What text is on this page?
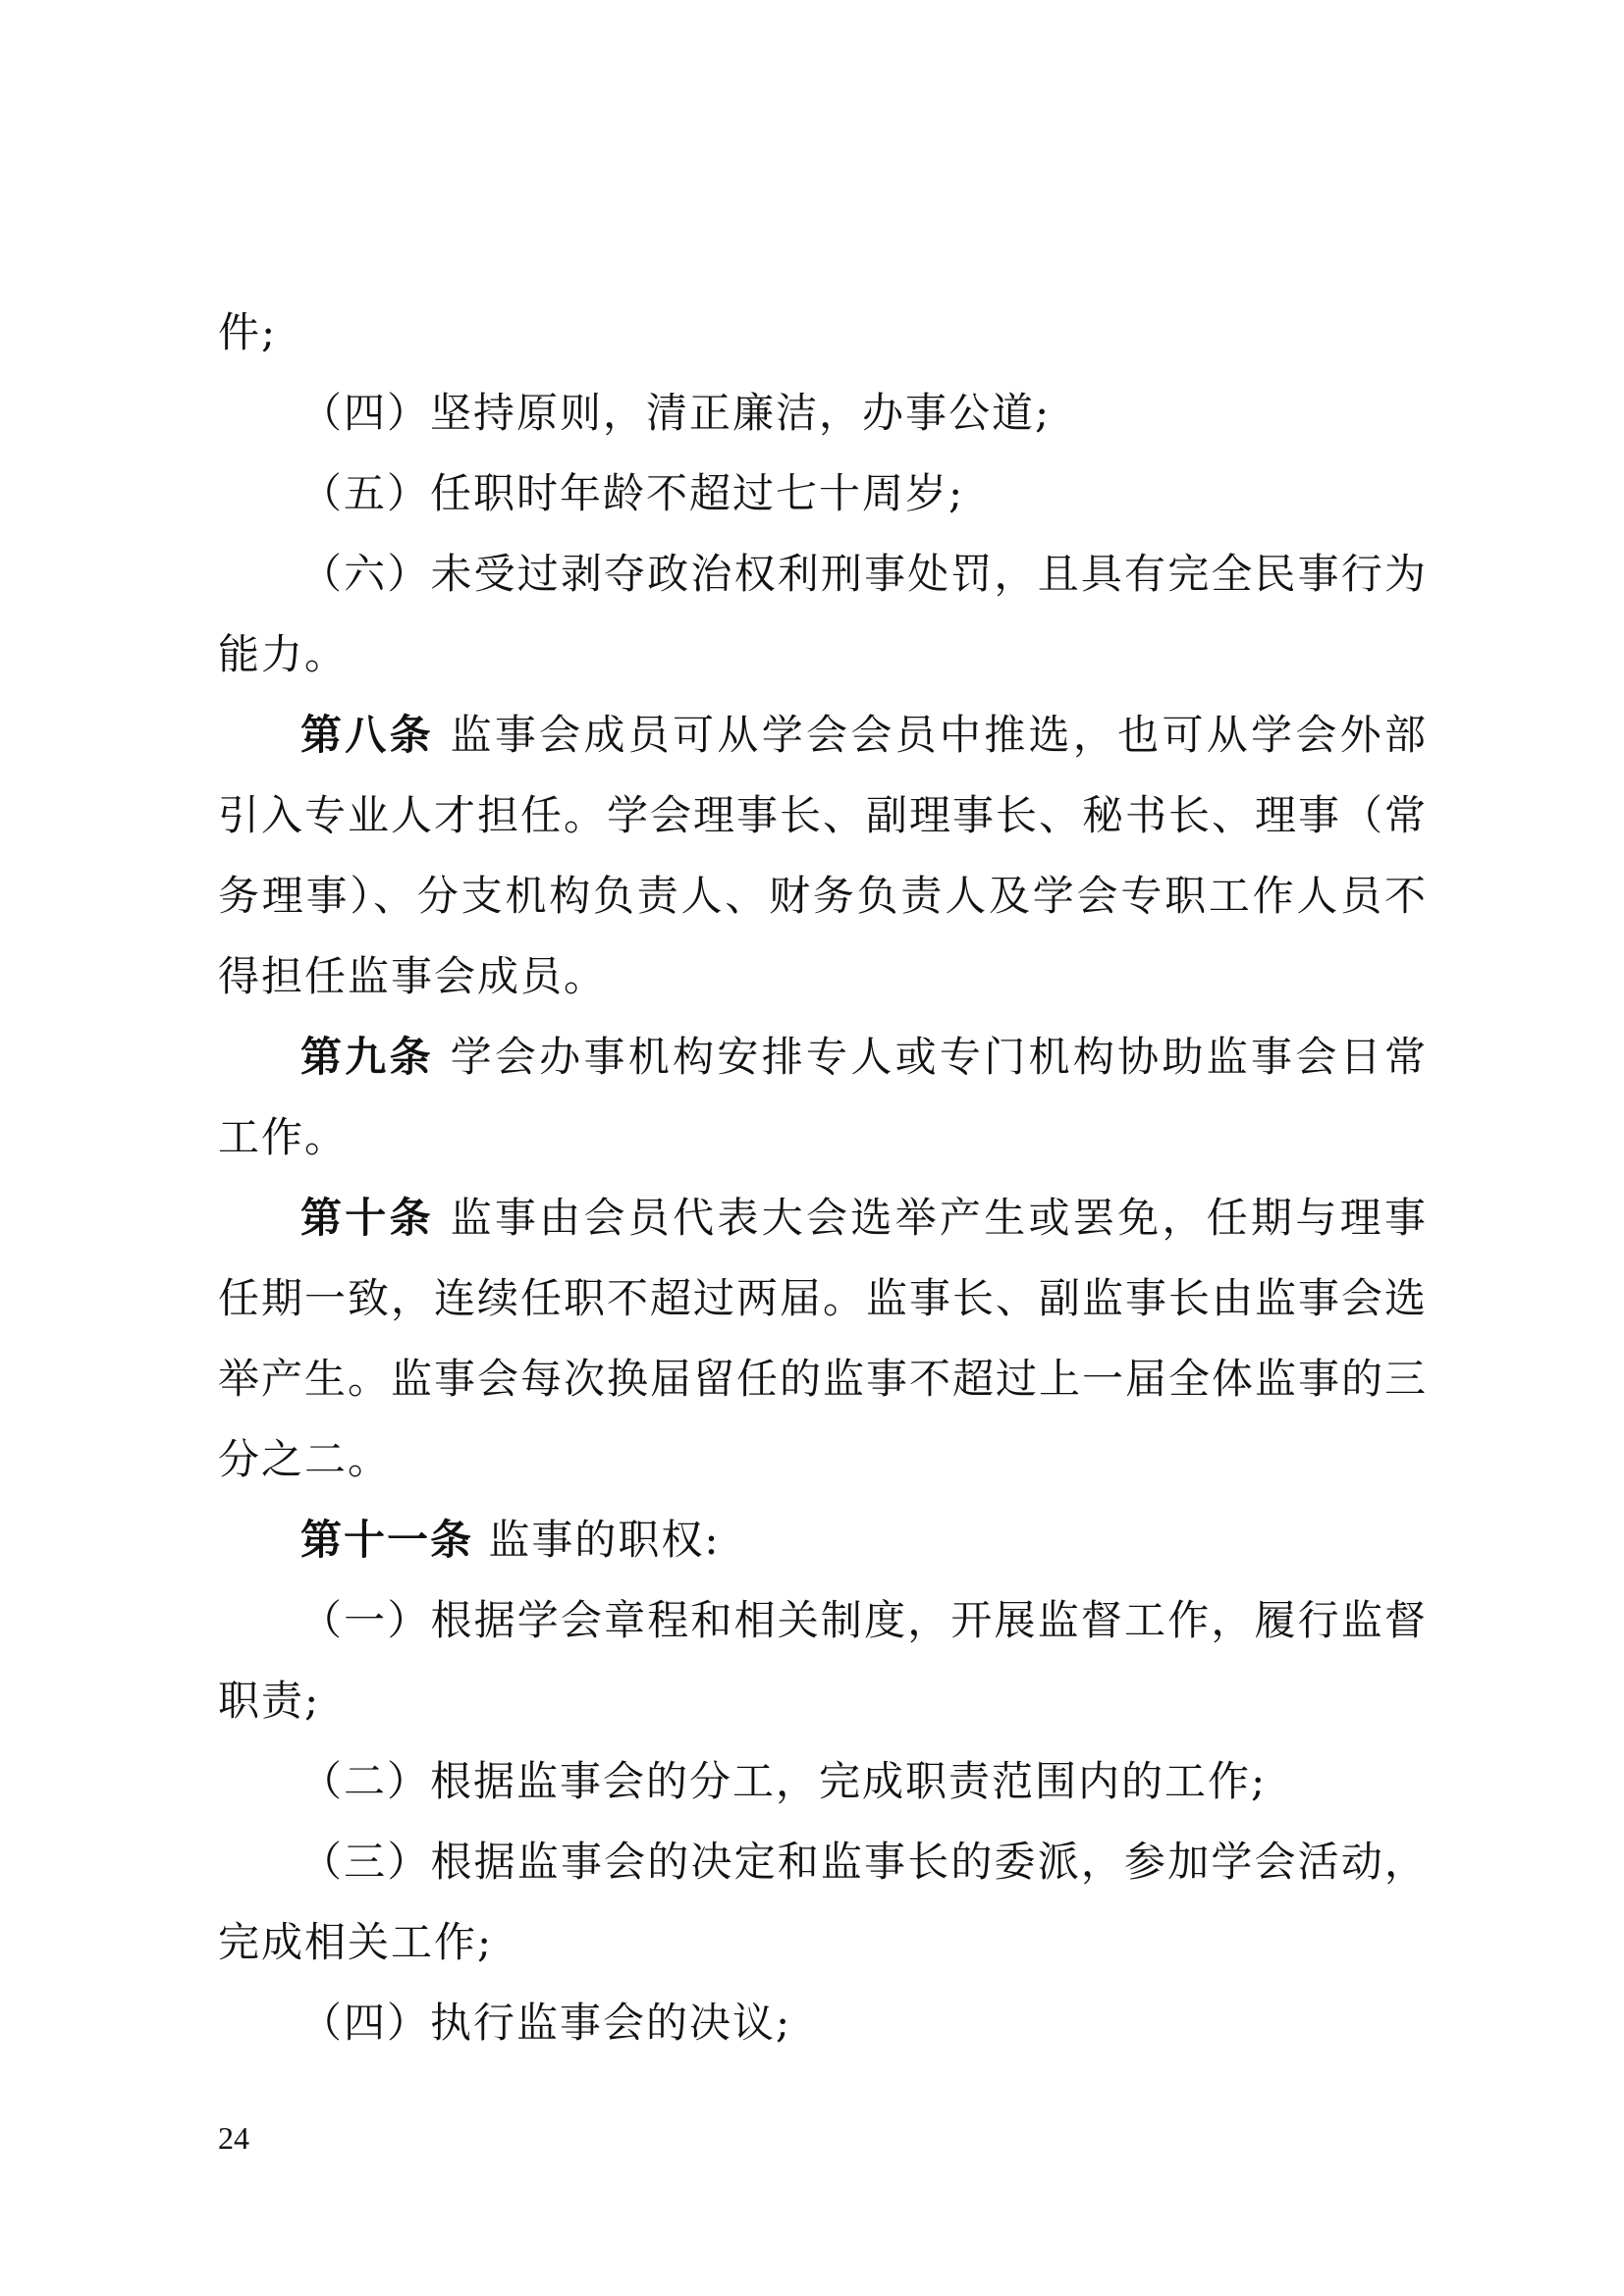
件;

（四）坚持原则，清正廉洁，办事公道;

（五）任职时年龄不超过七十周岁;

（六）未受过剥夺政治权利刑事处罚，且具有完全民事行为能力。

第八条 监事会成员可从学会会员中推选，也可从学会外部引入专业人才担任。学会理事长、副理事长、秘书长、理事（常务理事）、分支机构负责人、财务负责人及学会专职工作人员不得担任监事会成员。

第九条 学会办事机构安排专人或专门机构协助监事会日常工作。

第十条 监事由会员代表大会选举产生或罢免，任期与理事任期一致，连续任职不超过两届。监事长、副监事长由监事会选举产生。监事会每次换届留任的监事不超过上一届全体监事的三分之二。

第十一条 监事的职权:

（一）根据学会章程和相关制度，开展监督工作，履行监督职责;

（二）根据监事会的分工，完成职责范围内的工作;

（三）根据监事会的决定和监事长的委派，参加学会活动，完成相关工作;

（四）执行监事会的决议;

24
